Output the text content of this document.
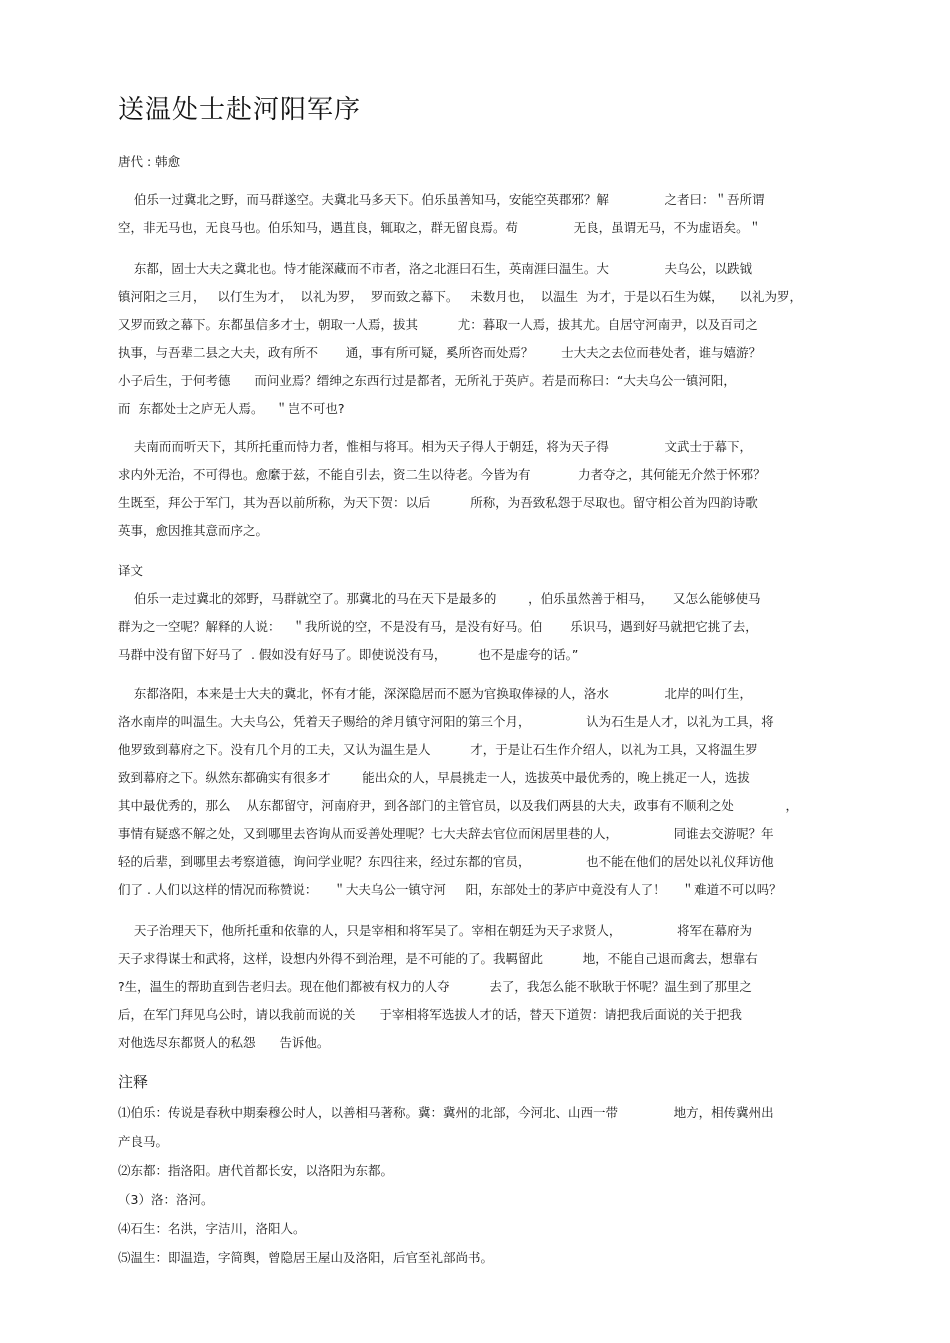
送温处士赴河阳军序
唐代 : 韩愈
伯乐一过冀北之野，而马群遂空。夫冀北马多天下。伯乐虽善知马，安能空英郡邪？解              之者曰：＂吾所谓
空，非无马也，无良马也。伯乐知马，遇苴良，辄取之，群无留良焉。苟              无良，虽谓无马，不为虚语矣。＂
东都，固士大夫之冀北也。恃才能深藏而不市者，洛之北涯曰石生，英南涯曰温生。大              夫乌公，以跌钺
镇河阳之三月，   以仃生为才，  以礼为罗，  罗而致之幕下。   未数月也，  以温生  为才，于是以石生为媒，    以礼为罗，
又罗而致之幕下。东都虽信多才士，朝取一人焉，拔其          尤：暮取一人焉，拔其尤。自居守河南尹，以及百司之
执事，与吾辈二县之大夫，政有所不       通，事有所可疑，奚所咨而处焉？       士大夫之去位而巷处者，谁与嬉游？
小子后生，于何考德      而问业焉？缙绅之东西行过是都者，无所礼于英庐。若是而称曰：“大夫乌公一镇河阳，
而  东都处士之庐无人焉。   ＂岂不可也?
夫南而而听天下，其所托重而恃力者，惟相与将耳。相为天子得人于朝廷，将为天子得              文武士于幕下，
求内外无治，不可得也。愈縻于兹，不能自引去，资二生以待老。今皆为有            力者夺之，其何能无介然于怀邪？
生既至，拜公于军门，其为吾以前所称，为天下贺：以后          所称，为吾致私怨于尽取也。留守相公首为四韵诗歌
英事，愈因推其意而序之。
译文
伯乐一走过冀北的郊野，马群就空了。那冀北的马在天下是最多的        ，伯乐虽然善于相马，     又怎么能够使马
群为之一空呢？解释的人说：   ＂我所说的空，不是没有马，是没有好马。伯       乐识马，遇到好马就把它挑了去，
马群中没有留下好马了  . 假如没有好马了。即使说没有马，        也不是虚夸的话。”
东都洛阳，本来是士大夫的冀北，怀有才能，深深隐居而不愿为官换取俸禄的人，洛水              北岸的叫仃生，
洛水南岸的叫温生。大夫乌公，凭着天子赐给的斧月镇守河阳的第三个月，              认为石生是人才，以礼为工具，将
他罗致到幕府之下。没有几个月的工夫，又认为温生是人          才，于是让石生作介绍人，以礼为工具，又将温生罗
致到幕府之下。纵然东都确实有很多才        能出众的人，早晨挑走一人，选拔英中最优秀的，晚上挑疋一人，选拔
其中最优秀的，那么    从东都留守，河南府尹，到各部门的主管官员，以及我们两县的大夫，政事有不顺利之处             ，
事情有疑惑不解之处，又到哪里去咨询从而妥善处理呢？七大夫辞去官位而闲居里巷的人，              同谁去交游呢？年
轻的后辈，到哪里去考察道德，询问学业呢？东四往来，经过东都的官员，              也不能在他们的居处以礼仪拜访他
们了 . 人们以这样的情况而称赞说：    ＂大夫乌公一镇守河     阳，东部处士的茅庐中竟没有人了！    ＂难道不可以吗？
天子治理天下，他所托重和依靠的人，只是宰相和将军吴了。宰相在朝廷为天子求贤人，              将军在幕府为
天子求得谋士和武将，这样，设想内外得不到治理，是不可能的了。我羁留此          地，不能自己退而禽去，想靠右
?生，温生的帮助直到告老归去。现在他们都被有权力的人夺          去了，我怎么能不耿耿于怀呢？温生到了那里之
后，在军门拜见乌公时，请以我前而说的关      于宰相将军选拔人才的话，替天下道贺：请把我后面说的关于把我
对他选尽东都贤人的私怨      告诉他。
注释
⑴伯乐：传说是春秋中期秦穆公时人，以善相马著称。冀：冀州的北部，今河北、山西一带              地方，相传冀州出
产良马。
⑵东都：指洛阳。唐代首都长安，以洛阳为东都。
（3）洛：洛河。
⑷石生：名洪，字洁川，洛阳人。
⑸温生：即温造，字简舆，曾隐居王屋山及洛阳，后官至礼部尚书。
